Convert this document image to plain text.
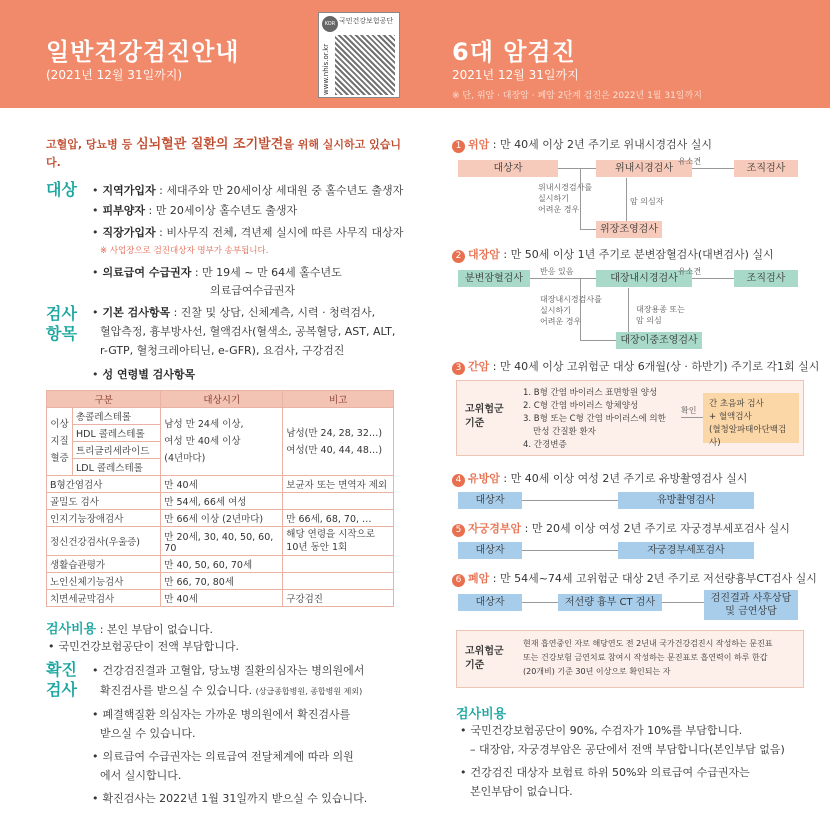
일반건강검진안내
(2021년 12월 31일까지)
6대 암검진
2021년 12월 31일까지
※ 단, 위암 · 대장암 · 폐암 2단계 검진은 2022년 1월 31일까지
KOR 국민건강보험공단
www.nhis.or.kr
고혈압, 당뇨병 등 심뇌혈관 질환의 조기발견을 위해 실시하고 있습니다.
대상	• 지역가입자 : 세대주와 만 20세이상 세대원 중 홀수년도 출생자
• 피부양자 : 만 20세이상 홀수년도 출생자
• 직장가입자 : 비사무직 전체, 격년제 실시에 따른 사무직 대상자
※ 사업장으로 검진대상자 명부가 송부됩니다.
• 의료급여 수급권자 : 만 19세 ~ 만 64세 홀수년도
의료급여수급권자
검사
항목
• 기본 검사항목 : 진찰 및 상담, 신체계측, 시력 · 청력검사,
혈압측정, 흉부방사선, 혈액검사(혈색소, 공복혈당, AST, ALT,
r-GTP, 혈청크레아티닌, e-GFR), 요검사, 구강검진
• 성 연령별 검사항목
구분		대상시기	비고
이상
지질
혈증	총콜레스테롤	남성 만 24세 이상,
여성 만 40세 이상
(4년마다)	남성(만 24, 28, 32…)
여성(만 40, 44, 48…)
	HDL 콜레스테롤		
	트리글리세라이드		
	LDL 콜레스테롤		
B형간염검사		만 40세	보균자 또는 면역자 제외
골밀도 검사		만 54세, 66세 여성	
인지기능장애검사		만 66세 이상 (2년마다)	만 66세, 68, 70, …
정신건강검사(우울증)		만 20세, 30, 40, 50, 60, 70	해당 연령을 시작으로
10년 동안 1회
생활습관평가		만 40, 50, 60, 70세	
노인신체기능검사		만 66, 70, 80세	
치면세균막검사		만 40세	구강검진
검사비용 : 본인 부담이 없습니다.
• 국민건강보험공단이 전액 부담합니다.
확진
검사
• 건강검진결과 고혈압, 당뇨병 질환의심자는 병의원에서
확진검사를 받으실 수 있습니다. (상급종합병원, 종합병원 제외)
• 폐결핵질환 의심자는 가까운 병의원에서 확진검사를
받으실 수 있습니다.
• 의료급여 수급권자는 의료급여 전달체계에 따라 의원
에서 실시합니다.
• 확진검사는 2022년 1월 31일까지 받으실 수 있습니다.
1 위암 : 만 40세 이상 2년 주기로 위내시경검사 실시
대상자	위내시경검사
유소견
조직검사
위내시경검사를
실시하기
어려운 경우
암 의심자
위장조영검사
2 대장암 : 만 50세 이상 1년 주기로 분변잠혈검사(대변검사) 실시
분변잠혈검사
반응 있음
대장내시경검사
유소견
조직검사
대장내시경검사를
실시하기
어려운 경우
대장용종 또는
암 의심
대장이중조영검사
3 간암 : 만 40세 이상 고위험군 대상 6개월(상 · 하반기) 주기로 각1회 실시
고위험군
기준
1. B형 간염 바이러스 표면항원 양성
2. C형 간염 바이러스 항체양성
3. B형 또는 C형 간염 바이러스에 의한
만성 간질환 환자
4. 간경변증
확인
간 초음파 검사
+ 혈액검사
(혈청알파태아단백검사)
4 유방암 : 만 40세 이상 여성 2년 주기로 유방촬영검사 실시
대상자	유방촬영검사
5 자궁경부암 : 만 20세 이상 여성 2년 주기로 자궁경부세포검사 실시
대상자	자궁경부세포검사
6 폐암 : 만 54세~74세 고위험군 대상 2년 주기로 저선량흉부CT검사 실시
대상자	저선량 흉부 CT 검사	검진결과 사후상담
및 금연상담
고위험군
기준
현재 흡연중인 자로 해당연도 전 2년내 국가건강검진시 작성하는 문진표
또는 건강보험 금연치료 참여시 작성하는 문진표로 흡연력이 하루 한갑
(20개비) 기준 30년 이상으로 확인되는 자
검사비용
• 국민건강보험공단이 90%, 수검자가 10%를 부담합니다.
– 대장암, 자궁경부암은 공단에서 전액 부담합니다(본인부담 없음)
• 건강검진 대상자 보험료 하위 50%와 의료급여 수급권자는
본인부담이 없습니다.
